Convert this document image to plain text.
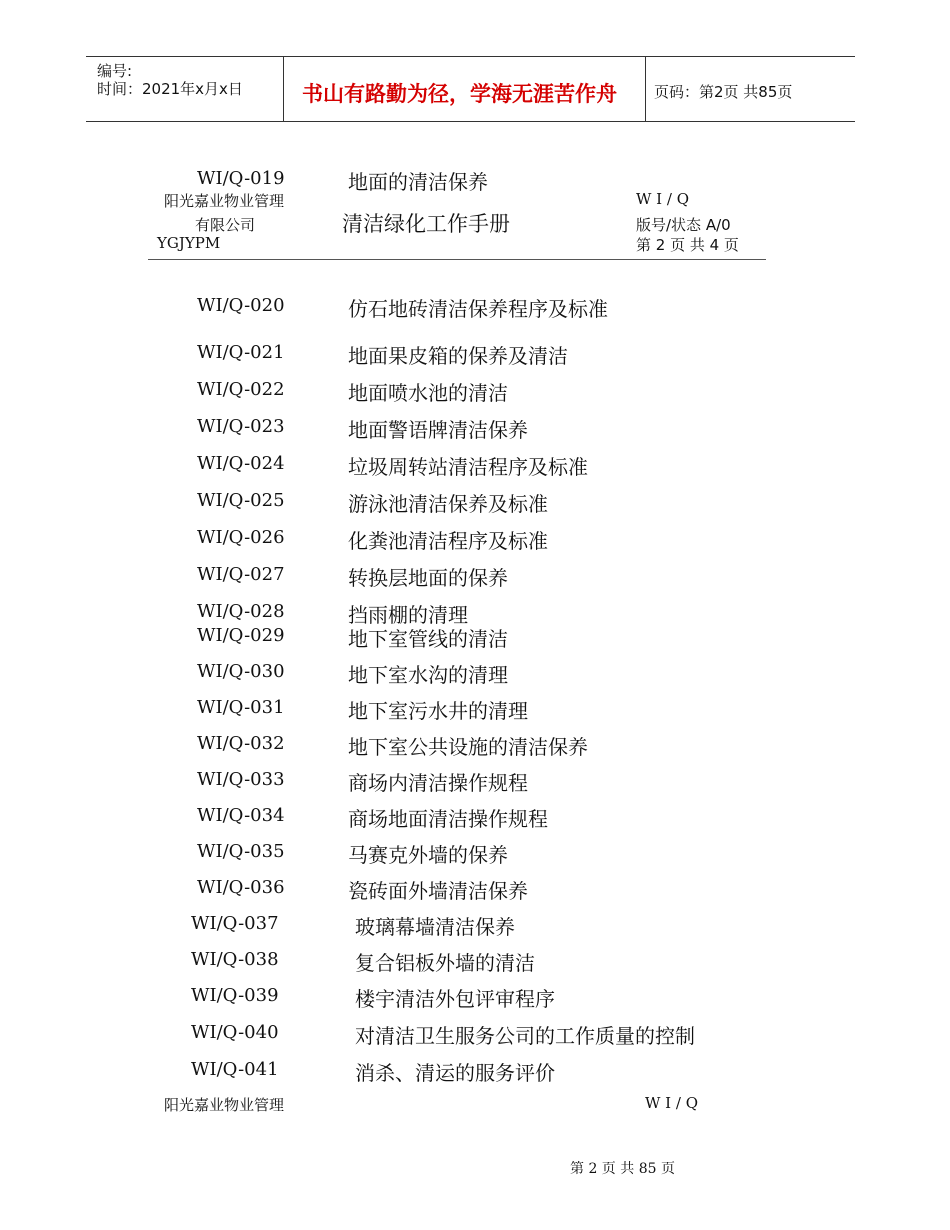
编号:
时间：2021年x月x日	书山有路勤为径，学海无涯苦作舟 页码：第2页 共85页
WI/Q-019	地面的清洁保养
阳光嘉业物业管理
有限公司
YGJYPM
清洁绿化工作手册
W I / Q
版号/状态 A/0
第 2 页 共 4 页
WI/Q-020	仿石地砖清洁保养程序及标准
WI/Q-021	地面果皮箱的保养及清洁
WI/Q-022	地面喷水池的清洁
WI/Q-023	地面警语牌清洁保养
WI/Q-024	垃圾周转站清洁程序及标准
WI/Q-025	游泳池清洁保养及标准
WI/Q-026	化粪池清洁程序及标准
WI/Q-027	转换层地面的保养
WI/Q-028	挡雨棚的清理
WI/Q-029	地下室管线的清洁
WI/Q-030	地下室水沟的清理
WI/Q-031	地下室污水井的清理
WI/Q-032	地下室公共设施的清洁保养
WI/Q-033	商场内清洁操作规程
WI/Q-034	商场地面清洁操作规程
WI/Q-035	马赛克外墙的保养
WI/Q-036	瓷砖面外墙清洁保养
WI/Q-037	玻璃幕墙清洁保养
WI/Q-038	复合铝板外墙的清洁
WI/Q-039	楼宇清洁外包评审程序
WI/Q-040	对清洁卫生服务公司的工作质量的控制
WI/Q-041	消杀、清运的服务评价
阳光嘉业物业管理	W I / Q
第 2 页 共 85 页
